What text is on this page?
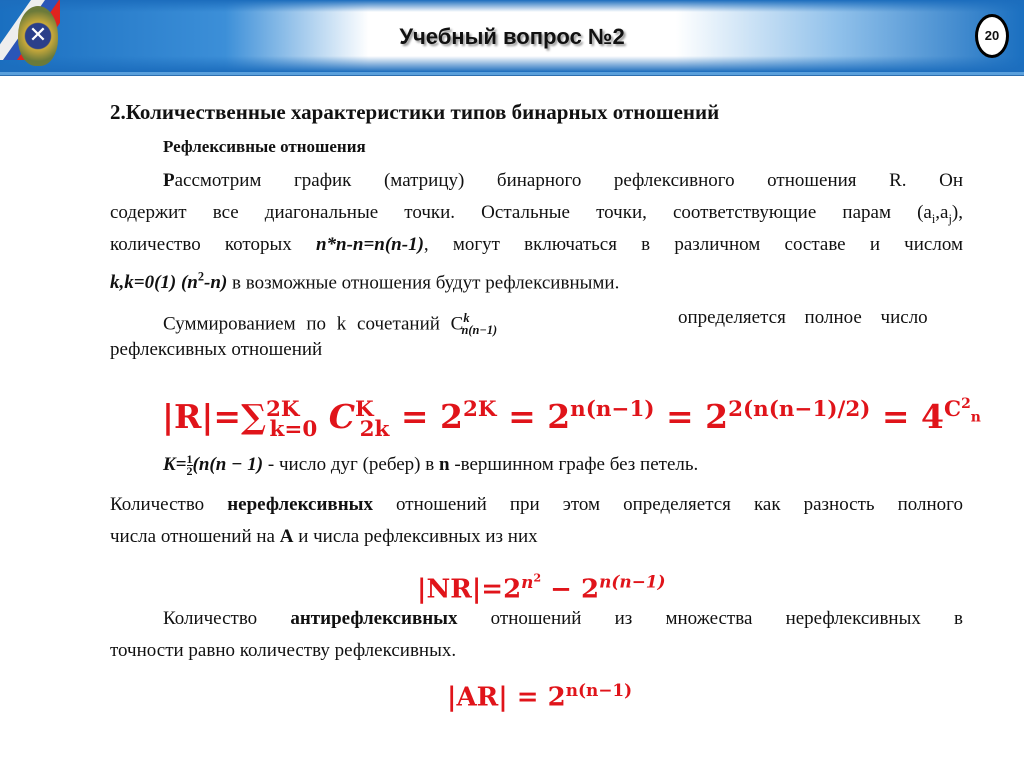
✕	Учебный вопрос №2	20
2.Количественные характеристики типов бинарных отношений
Рефлексивные отношения
Рассмотрим график (матрицу) бинарного рефлексивного отношения R. Он
содержит все диагональные точки. Остальные точки, соответствующие парам $(a_i,a_j)$,
количество которых n*n-n=n(n-1), могут включаться в различном составе и числом
k,k=0(1) $(n^2-n)$ в возможные отношения будут рефлексивными.
Суммированием по k сочетаний $C^k_{n(n-1)}$
определяется полное число
рефлексивных отношений
|R|=∑$^{2K}_{k=0}$ $C^K_{2k} = 2^{2K} = 2^{n(n-1)} = 2^{2(n(n-1)/2)} = 4^{C^2_n}$
$K= \frac{1}{2} (n(n - 1)$ - число дуг (ребер) в n -вершинном графе без петель.
Количество нерефлексивных отношений при этом определяется как разность полного
числа отношений на А и числа рефлексивных из них
$|NR|=2^{n^2} - 2^{n(n-1)}$
Количество антирефлексивных отношений из множества нерефлексивных в
точности равно количеству рефлексивных.
$|AR| = 2^{n(n-1)}$
